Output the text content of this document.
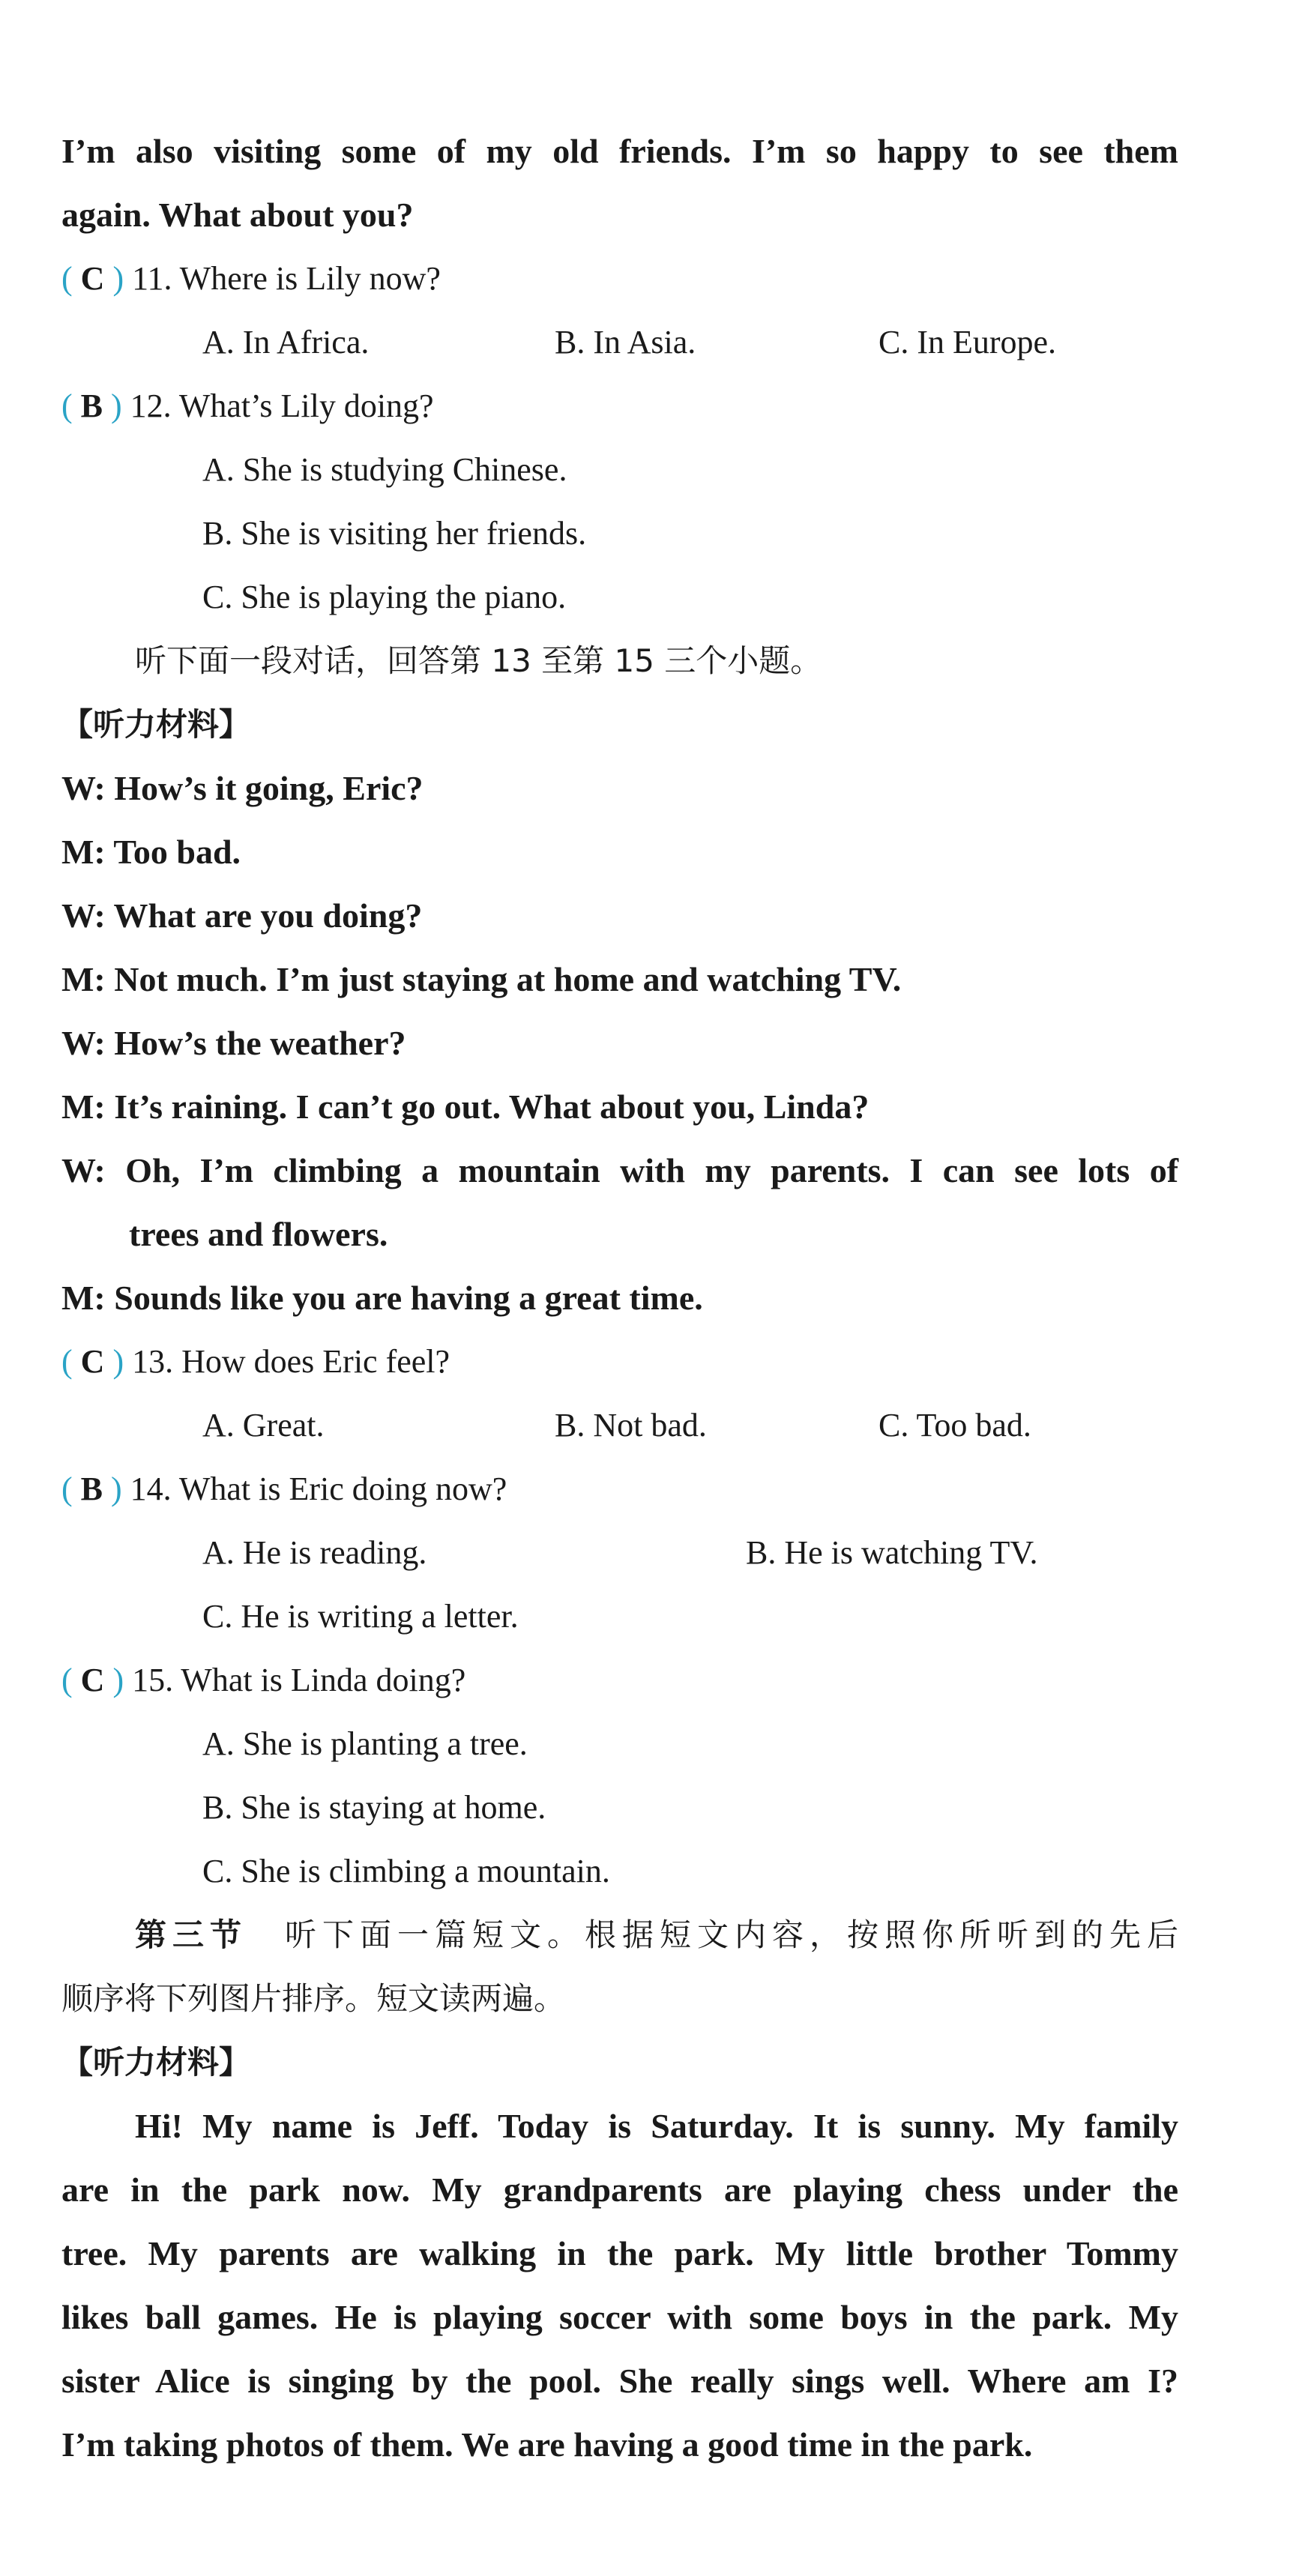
I’m also visiting some of my old friends. I’m so happy to see them
again. What about you?
( C ) 11. Where is Lily now?
A. In Africa.	B. In Asia.	C. In Europe.
( B ) 12. What’s Lily doing?
A. She is studying Chinese.
B. She is visiting her friends.
C. She is playing the piano.
听下面一段对话，回答第 13 至第 15 三个小题。
【听力材料】
W: How’s it going, Eric?
M: Too bad.
W: What are you doing?
M: Not much. I’m just staying at home and watching TV.
W: How’s the weather?
M: It’s raining. I can’t go out. What about you, Linda?
W: Oh, I’m climbing a mountain with my parents. I can see lots of
trees and flowers.
M: Sounds like you are having a great time.
( C ) 13. How does Eric feel?
A. Great.	B. Not bad.	C. Too bad.
( B ) 14. What is Eric doing now?
A. He is reading.	B. He is watching TV.
C. He is writing a letter.
( C ) 15. What is Linda doing?
A. She is planting a tree.
B. She is staying at home.
C. She is climbing a mountain.
第三节　 听下面一篇短文。根据短文内容，按照你所听到的先后
顺序将下列图片排序。短文读两遍。
【听力材料】
Hi! My name is Jeff. Today is Saturday. It is sunny. My family
are in the park now. My grandparents are playing chess under the
tree. My parents are walking in the park. My little brother Tommy
likes ball games. He is playing soccer with some boys in the park. My
sister Alice is singing by the pool. She really sings well. Where am I?
I’m taking photos of them. We are having a good time in the park.
